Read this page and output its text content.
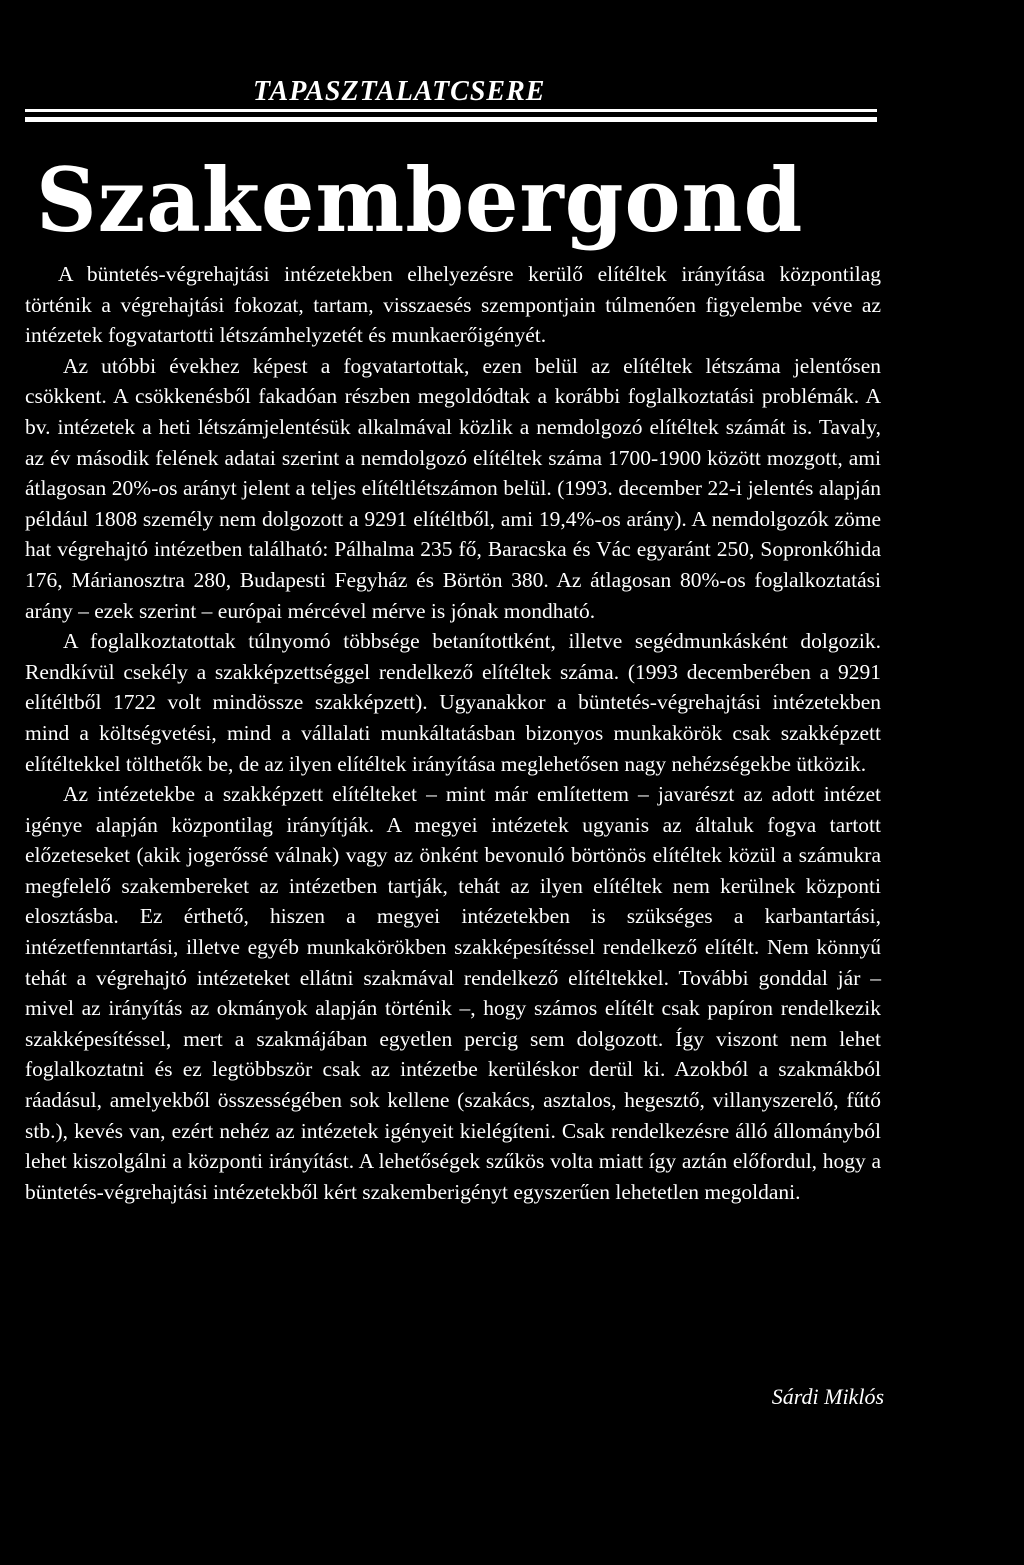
TAPASZTALATCSERE
Szakembergond

A büntetés-végrehajtási intézetekben elhelyezésre kerülő elítéltek irányítása központilag történik a végrehajtási fokozat, tartam, visszaesés szempontjain túlmenően figyelembe véve az intézetek fogvatartotti létszámhelyzetét és munkaerőigényét.

Az utóbbi évekhez képest a fogvatartottak, ezen belül az elítéltek létszáma jelentősen csökkent. A csökkenésből fakadóan részben megoldódtak a korábbi foglalkoztatási problémák. A bv. intézetek a heti létszámjelentésük alkalmával közlik a nemdolgozó elítéltek számát is. Tavaly, az év második felének adatai szerint a nemdolgozó elítéltek száma 1700-1900 között mozgott, ami átlagosan 20%-os arányt jelent a teljes elítéltlétszámon belül. (1993. december 22-i jelentés alapján például 1808 személy nem dolgozott a 9291 elítéltből, ami 19,4%-os arány). A nemdolgozók zöme hat végrehajtó intézetben található: Pálhalma 235 fő, Baracska és Vác egyaránt 250, Sopronkőhida 176, Márianosztra 280, Budapesti Fegyház és Börtön 380. Az átlagosan 80%-os foglalkoztatási arány – ezek szerint – európai mércével mérve is jónak mondható.

A foglalkoztatottak túlnyomó többsége betanítottként, illetve segédmunkásként dolgozik. Rendkívül csekély a szakképzettséggel rendelkező elítéltek száma. (1993 decemberében a 9291 elítéltből 1722 volt mindössze szakképzett). Ugyanakkor a büntetés-végrehajtási intézetekben mind a költségvetési, mind a vállalati munkáltatásban bizonyos munkakörök csak szakképzett elítéltekkel tölthetők be, de az ilyen elítéltek irányítása meglehetősen nagy nehézségekbe ütközik.

Az intézetekbe a szakképzett elítélteket – mint már említettem – javarészt az adott intézet igénye alapján központilag irányítják. A megyei intézetek ugyanis az általuk fogva tartott előzeteseket (akik jogerőssé válnak) vagy az önként bevonuló börtönös elítéltek közül a számukra megfelelő szakembereket az intézetben tartják, tehát az ilyen elítéltek nem kerülnek központi elosztásba. Ez érthető, hiszen a megyei intézetekben is szükséges a karbantartási, intézetfenntartási, illetve egyéb munkakörökben szakképesítéssel rendelkező elítélt. Nem könnyű tehát a végrehajtó intézeteket ellátni szakmával rendelkező elítéltekkel. További gonddal jár – mivel az irányítás az okmányok alapján történik –, hogy számos elítélt csak papíron rendelkezik szakképesítéssel, mert a szakmájában egyetlen percig sem dolgozott. Így viszont nem lehet foglalkoztatni és ez legtöbbször csak az intézetbe kerüléskor derül ki. Azokból a szakmákból ráadásul, amelyekből összességében sok kellene (szakács, asztalos, hegesztő, villanyszerelő, fűtő stb.), kevés van, ezért nehéz az intézetek igényeit kielégíteni. Csak rendelkezésre álló állományból lehet kiszolgálni a központi irányítást. A lehetőségek szűkös volta miatt így aztán előfordul, hogy a büntetés-végrehajtási intézetekből kért szakemberigényt egyszerűen lehetetlen megoldani.

Sárdi Miklós
